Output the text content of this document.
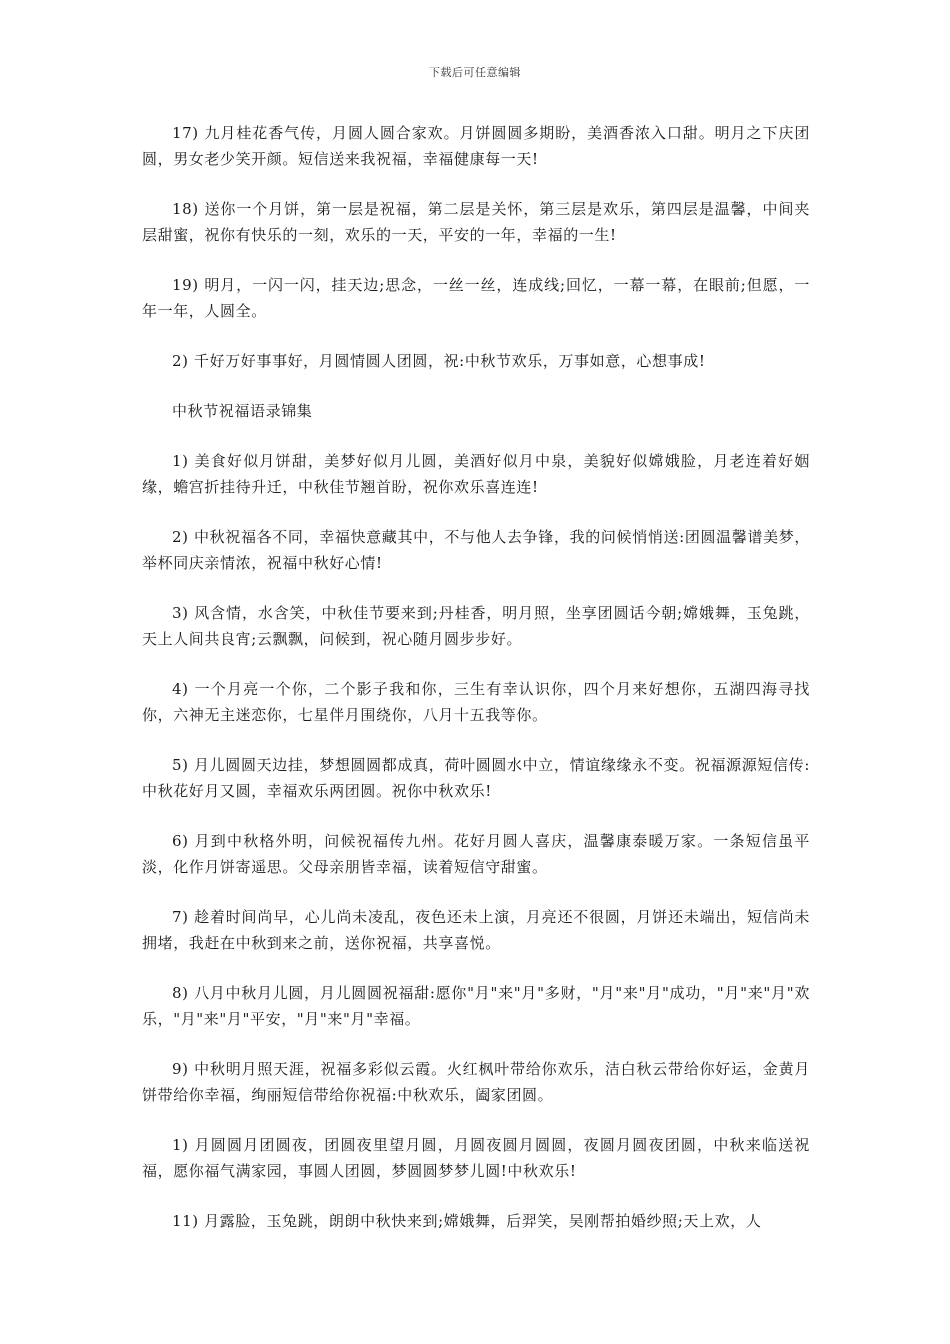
下载后可任意编辑

17) 九月桂花香气传，月圆人圆合家欢。月饼圆圆多期盼，美酒香浓入口甜。明月之下庆团圆，男女老少笑开颜。短信送来我祝福，幸福健康每一天!

18) 送你一个月饼，第一层是祝福，第二层是关怀，第三层是欢乐，第四层是温馨，中间夹层甜蜜，祝你有快乐的一刻，欢乐的一天，平安的一年，幸福的一生!

19) 明月，一闪一闪，挂天边;思念，一丝一丝，连成线;回忆，一幕一幕，在眼前;但愿，一年一年，人圆全。

2) 千好万好事事好，月圆情圆人团圆，祝:中秋节欢乐，万事如意，心想事成!

中秋节祝福语录锦集

1) 美食好似月饼甜，美梦好似月儿圆，美酒好似月中泉，美貌好似嫦娥脸，月老连着好姻缘，蟾宫折挂待升迁，中秋佳节翘首盼，祝你欢乐喜连连!

2) 中秋祝福各不同，幸福快意藏其中，不与他人去争锋，我的问候悄悄送:团圆温馨谱美梦，举杯同庆亲情浓，祝福中秋好心情!

3) 风含情，水含笑，中秋佳节要来到;丹桂香，明月照，坐享团圆话今朝;嫦娥舞，玉兔跳，天上人间共良宵;云飘飘，问候到，祝心随月圆步步好。

4) 一个月亮一个你，二个影子我和你，三生有幸认识你，四个月来好想你，五湖四海寻找你，六神无主迷恋你，七星伴月围绕你，八月十五我等你。

5) 月儿圆圆天边挂，梦想圆圆都成真，荷叶圆圆水中立，情谊缘缘永不变。祝福源源短信传:中秋花好月又圆，幸福欢乐两团圆。祝你中秋欢乐!

6) 月到中秋格外明，问候祝福传九州。花好月圆人喜庆，温馨康泰暖万家。一条短信虽平淡，化作月饼寄遥思。父母亲朋皆幸福，读着短信守甜蜜。

7) 趁着时间尚早，心儿尚未凌乱，夜色还未上演，月亮还不很圆，月饼还未端出，短信尚未拥堵，我赶在中秋到来之前，送你祝福，共享喜悦。

8) 八月中秋月儿圆，月儿圆圆祝福甜:愿你"月"来"月"多财，"月"来"月"成功，"月"来"月"欢乐，"月"来"月"平安，"月"来"月"幸福。

9) 中秋明月照天涯，祝福多彩似云霞。火红枫叶带给你欢乐，洁白秋云带给你好运，金黄月饼带给你幸福，绚丽短信带给你祝福:中秋欢乐，阖家团圆。

1) 月圆圆月团圆夜，团圆夜里望月圆，月圆夜圆月圆圆，夜圆月圆夜团圆，中秋来临送祝福，愿你福气满家园，事圆人团圆，梦圆圆梦梦儿圆!中秋欢乐!

11) 月露脸，玉兔跳，朗朗中秋快来到;嫦娥舞，后羿笑，吴刚帮拍婚纱照;天上欢，人
